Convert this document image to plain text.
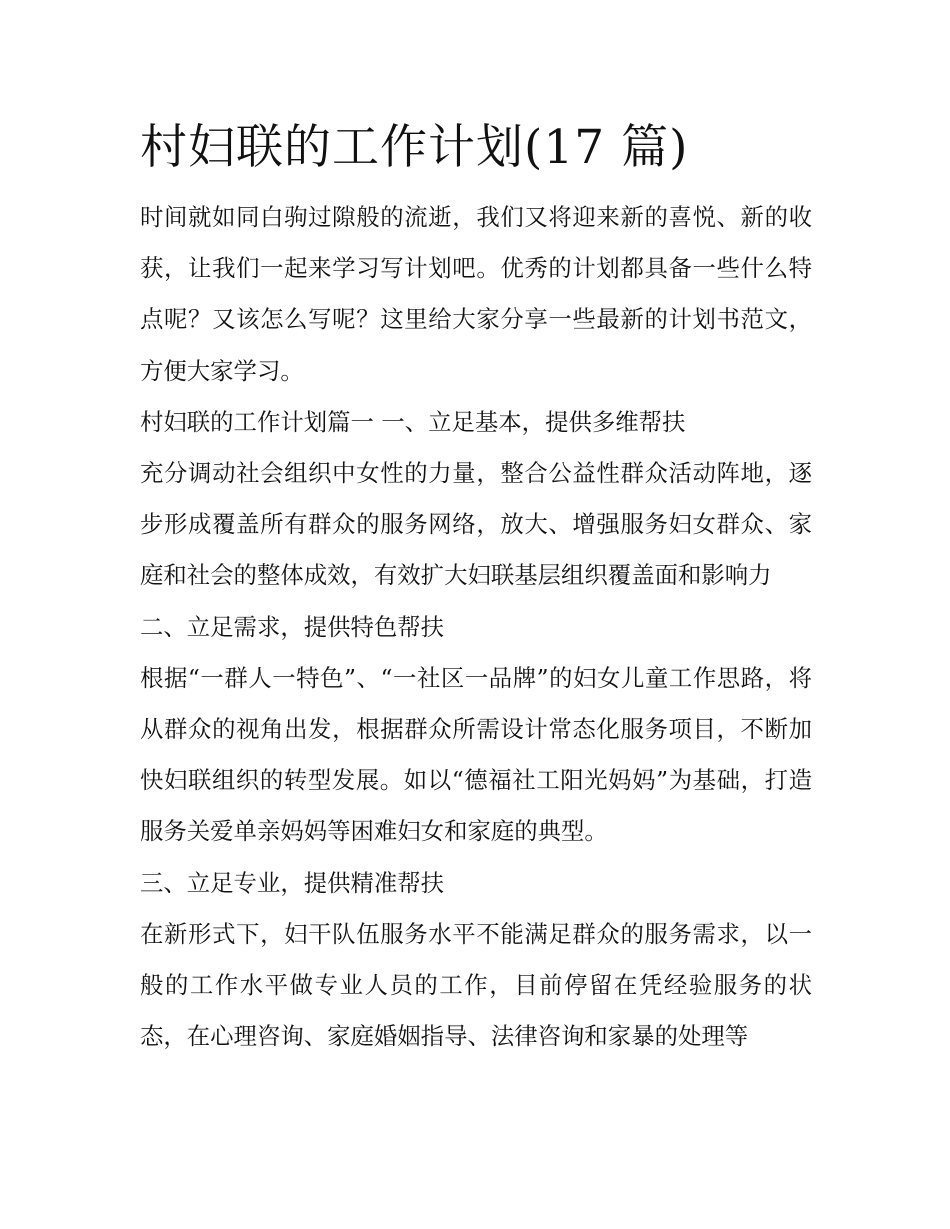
村妇联的工作计划(17 篇)

时间就如同白驹过隙般的流逝，我们又将迎来新的喜悦、新的收获，让我们一起来学习写计划吧。优秀的计划都具备一些什么特点呢？又该怎么写呢？这里给大家分享一些最新的计划书范文，方便大家学习。

村妇联的工作计划篇一 一、立足基本，提供多维帮扶

充分调动社会组织中女性的力量，整合公益性群众活动阵地，逐步形成覆盖所有群众的服务网络，放大、增强服务妇女群众、家庭和社会的整体成效，有效扩大妇联基层组织覆盖面和影响力

二、立足需求，提供特色帮扶

根据“一群人一特色”、“一社区一品牌”的妇女儿童工作思路，将从群众的视角出发，根据群众所需设计常态化服务项目，不断加快妇联组织的转型发展。如以“德福社工阳光妈妈”为基础，打造服务关爱单亲妈妈等困难妇女和家庭的典型。

三、立足专业，提供精准帮扶

在新形式下，妇干队伍服务水平不能满足群众的服务需求，以一般的工作水平做专业人员的工作，目前停留在凭经验服务的状态，在心理咨询、家庭婚姻指导、法律咨询和家暴的处理等
